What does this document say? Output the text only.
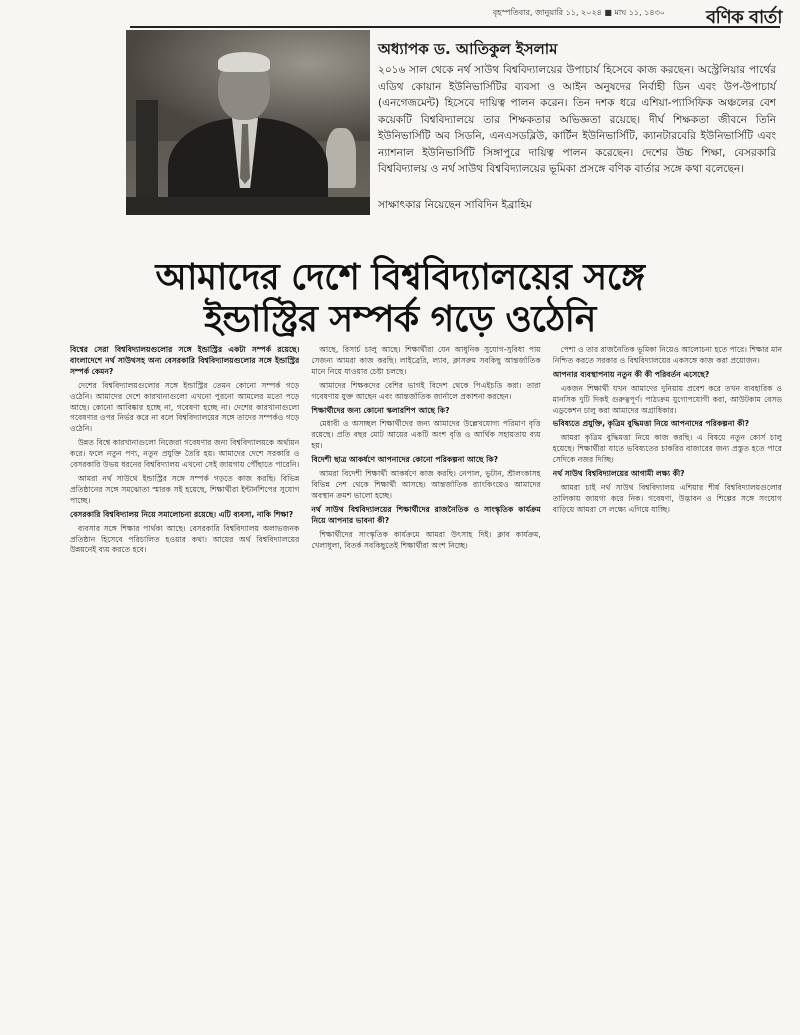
বৃহস্পতিবার, জানুয়ারি ১১, ২০২৪ ■ মাঘ ১১, ১৪৩০ বণিক বার্তা
অধ্যাপক ড. আতিকুল ইসলাম
২০১৬ সাল থেকে নর্থ সাউথ বিশ্ববিদ্যালয়ের উপাচার্য হিসেবে কাজ করছেন। অস্ট্রেলিয়ার পার্থের এডিথ কোয়ান ইউনিভার্সিটির ব্যবসা ও আইন অনুষদের নির্বাহী ডিন এবং উপ-উপাচার্য (এনগেজমেন্ট) হিসেবে দায়িত্ব পালন করেন। তিন দশক ধরে এশিয়া-প্যাসিফিক অঞ্চলের বেশ কয়েকটি বিশ্ববিদ্যালয়ে তার শিক্ষকতার অভিজ্ঞতা রয়েছে। দীর্ঘ শিক্ষকতা জীবনে তিনি ইউনিভার্সিটি অব সিডনি, এনএসডব্লিউ, কার্টিন ইউনিভার্সিটি, ক্যানটারবেরি ইউনিভার্সিটি এবং ন্যাশনাল ইউনিভার্সিটি সিঙ্গাপুরে দায়িত্ব পালন করেছেন। দেশের উচ্চ শিক্ষা, বেসরকারি বিশ্ববিদ্যালয় ও নর্থ সাউথ বিশ্ববিদ্যালয়ের ভূমিকা প্রসঙ্গে বণিক বার্তার সঙ্গে কথা বলেছেন।
সাক্ষাৎকার নিয়েছেন সাবিদিন ইব্রাহিম
আমাদের দেশে বিশ্ববিদ্যালয়ের সঙ্গে
ইন্ডাস্ট্রির সম্পর্ক গড়ে ওঠেনি

বিশ্বের সেরা বিশ্ববিদ্যালয়গুলোর সঙ্গে ইন্ডাস্ট্রির একটা সম্পর্ক রয়েছে। বাংলাদেশে নর্থ সাউথসহ অন্য বেসরকারি বিশ্ববিদ্যালয়গুলোর সঙ্গে ইন্ডাস্ট্রির সম্পর্ক কেমন?

দেশের বিশ্ববিদ্যালয়গুলোর সঙ্গে ইন্ডাস্ট্রির তেমন কোনো সম্পর্ক গড়ে ওঠেনি। আমাদের দেশে কারখানাগুলো এখনো পুরনো আমলের মতো পড়ে আছে। কোনো আবিষ্কার হচ্ছে না, গবেষণা হচ্ছে না। দেশের কারখানাগুলো গবেষণার ওপর নির্ভর করে না বলে বিশ্ববিদ্যালয়ের সঙ্গে তাদের সম্পর্কও গড়ে ওঠেনি।

উন্নত বিশ্বে কারখানাগুলো নিজেরা গবেষণার জন্য বিশ্ববিদ্যালয়কে অর্থায়ন করে। ফলে নতুন পণ্য, নতুন প্রযুক্তি তৈরি হয়। আমাদের দেশে সরকারি ও বেসরকারি উভয় ধরনের বিশ্ববিদ্যালয় এখনো সেই জায়গায় পৌঁছাতে পারেনি।

আমরা নর্থ সাউথে ইন্ডাস্ট্রির সঙ্গে সম্পর্ক গড়তে কাজ করছি। বিভিন্ন প্রতিষ্ঠানের সঙ্গে সমঝোতা স্মারক সই হয়েছে, শিক্ষার্থীরা ইন্টার্নশিপের সুযোগ পাচ্ছে।

বেসরকারি বিশ্ববিদ্যালয় নিয়ে সমালোচনা রয়েছে। এটি ব্যবসা, নাকি শিক্ষা?

ব্যবসার সঙ্গে শিক্ষার পার্থক্য আছে। বেসরকারি বিশ্ববিদ্যালয় অলাভজনক প্রতিষ্ঠান হিসেবে পরিচালিত হওয়ার কথা। আয়ের অর্থ বিশ্ববিদ্যালয়ের উন্নয়নেই ব্যয় করতে হবে।

আছে, রিসার্চ চালু আছে। শিক্ষার্থীরা যেন আধুনিক সুযোগ-সুবিধা পায় সেজন্য আমরা কাজ করছি। লাইব্রেরি, ল্যাব, ক্লাসরুম সবকিছু আন্তর্জাতিক মানে নিয়ে যাওয়ার চেষ্টা চলছে।

আমাদের শিক্ষকদের বেশির ভাগই বিদেশ থেকে পিএইচডি করা। তারা গবেষণায় যুক্ত আছেন এবং আন্তর্জাতিক জার্নালে প্রকাশনা করছেন।

শিক্ষার্থীদের জন্য কোনো স্কলারশিপ আছে কি?

মেধাবী ও অসচ্ছল শিক্ষার্থীদের জন্য আমাদের উল্লেখযোগ্য পরিমাণ বৃত্তি রয়েছে। প্রতি বছর মোট আয়ের একটি অংশ বৃত্তি ও আর্থিক সহায়তায় ব্যয় হয়।

বিদেশী ছাত্র আকর্ষণে আপনাদের কোনো পরিকল্পনা আছে কি?

আমরা বিদেশী শিক্ষার্থী আকর্ষণে কাজ করছি। নেপাল, ভুটান, শ্রীলংকাসহ বিভিন্ন দেশ থেকে শিক্ষার্থী আসছে। আন্তর্জাতিক র‍্যাংকিংয়েও আমাদের অবস্থান ক্রমশ ভালো হচ্ছে।

নর্থ সাউথ বিশ্ববিদ্যালয়ের শিক্ষার্থীদের রাজনৈতিক ও সাংস্কৃতিক কার্যক্রম নিয়ে আপনার ভাবনা কী?

শিক্ষার্থীদের সাংস্কৃতিক কার্যক্রমে আমরা উৎসাহ দিই। ক্লাব কার্যক্রম, খেলাধুলা, বিতর্ক সবকিছুতেই শিক্ষার্থীরা অংশ নিচ্ছে।

পেশা ও তার রাজনৈতিক ভূমিকা নিয়েও আলোচনা হতে পারে। শিক্ষার মান নিশ্চিত করতে সরকার ও বিশ্ববিদ্যালয়ের একসঙ্গে কাজ করা প্রয়োজন।

আপনার ব্যবস্থাপনায় নতুন কী কী পরিবর্তন এসেছে?

একজন শিক্ষার্থী যখন আমাদের দুনিয়ায় প্রবেশ করে তখন ব্যবহারিক ও মানসিক দুটি দিকই গুরুত্বপূর্ণ। পাঠ্যক্রম যুগোপযোগী করা, আউটকাম বেসড এডুকেশন চালু করা আমাদের অগ্রাধিকার।

ভবিষ্যতে প্রযুক্তি, কৃত্রিম বুদ্ধিমত্তা নিয়ে আপনাদের পরিকল্পনা কী?

আমরা কৃত্রিম বুদ্ধিমত্তা নিয়ে কাজ করছি। এ বিষয়ে নতুন কোর্স চালু হয়েছে। শিক্ষার্থীরা যাতে ভবিষ্যতের চাকরির বাজারের জন্য প্রস্তুত হতে পারে সেদিকে নজর দিচ্ছি।

নর্থ সাউথ বিশ্ববিদ্যালয়ের আগামী লক্ষ্য কী?

আমরা চাই নর্থ সাউথ বিশ্ববিদ্যালয় এশিয়ার শীর্ষ বিশ্ববিদ্যালয়গুলোর তালিকায় জায়গা করে নিক। গবেষণা, উদ্ভাবন ও শিল্পের সঙ্গে সংযোগ বাড়িয়ে আমরা সে লক্ষ্যে এগিয়ে যাচ্ছি।
